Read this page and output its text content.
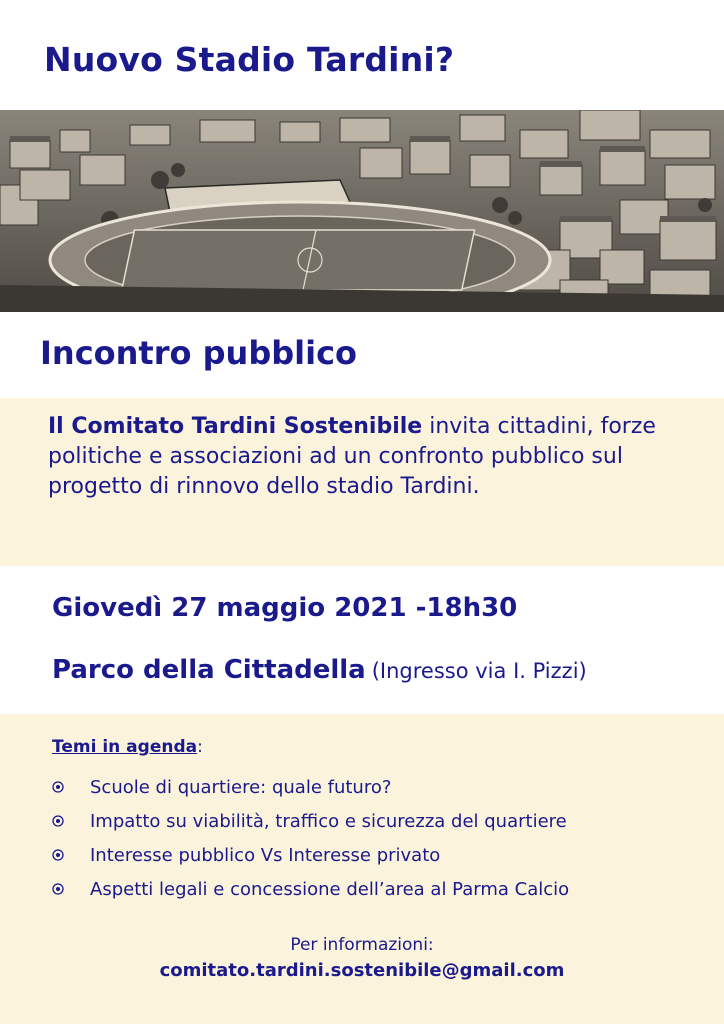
Nuovo Stadio Tardini?
Incontro pubblico

Il Comitato Tardini Sostenibile invita cittadini, forze politiche e associazioni ad un confronto pubblico sul progetto di rinnovo dello stadio Tardini.

Giovedì 27 maggio 2021 -18h30

Parco della Cittadella (Ingresso via I. Pizzi)

Temi in agenda:

Scuole di quartiere: quale futuro?
Impatto su viabilità, traffico e sicurezza del quartiere
Interesse pubblico Vs Interesse privato
Aspetti legali e concessione dell’area al Parma Calcio

Per informazioni:

comitato.tardini.sostenibile@gmail.com
